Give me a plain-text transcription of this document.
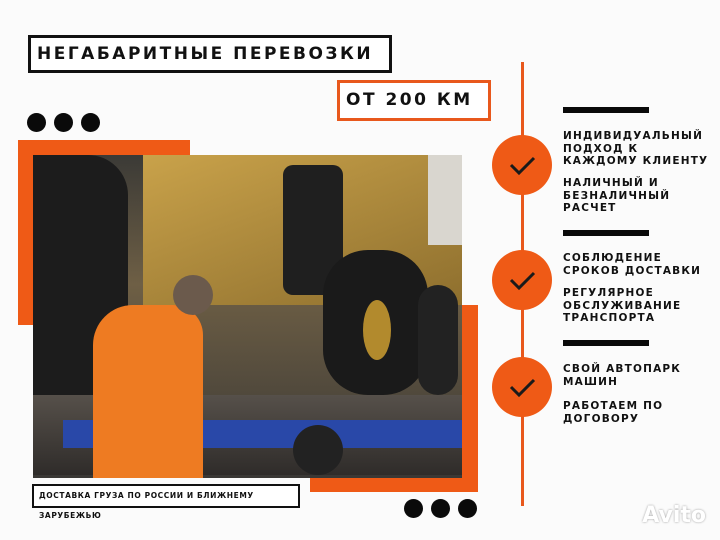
НЕГАБАРИТНЫЕ ПЕРЕВОЗКИ
ОТ 200 КМ
ДОСТАВКА ГРУЗА ПО РОССИИ И БЛИЖНЕМУ ЗАРУБЕЖЬЮ
ИНДИВИДУАЛЬНЫЙ
ПОДХОД К
КАЖДОМУ КЛИЕНТУ
НАЛИЧНЫЙ И
БЕЗНАЛИЧНЫЙ
РАСЧЕТ
СОБЛЮДЕНИЕ
СРОКОВ ДОСТАВКИ
РЕГУЛЯРНОЕ
ОБСЛУЖИВАНИЕ
ТРАНСПОРТА
СВОЙ АВТОПАРК
МАШИН
РАБОТАЕМ ПО
ДОГОВОРУ
Avito
